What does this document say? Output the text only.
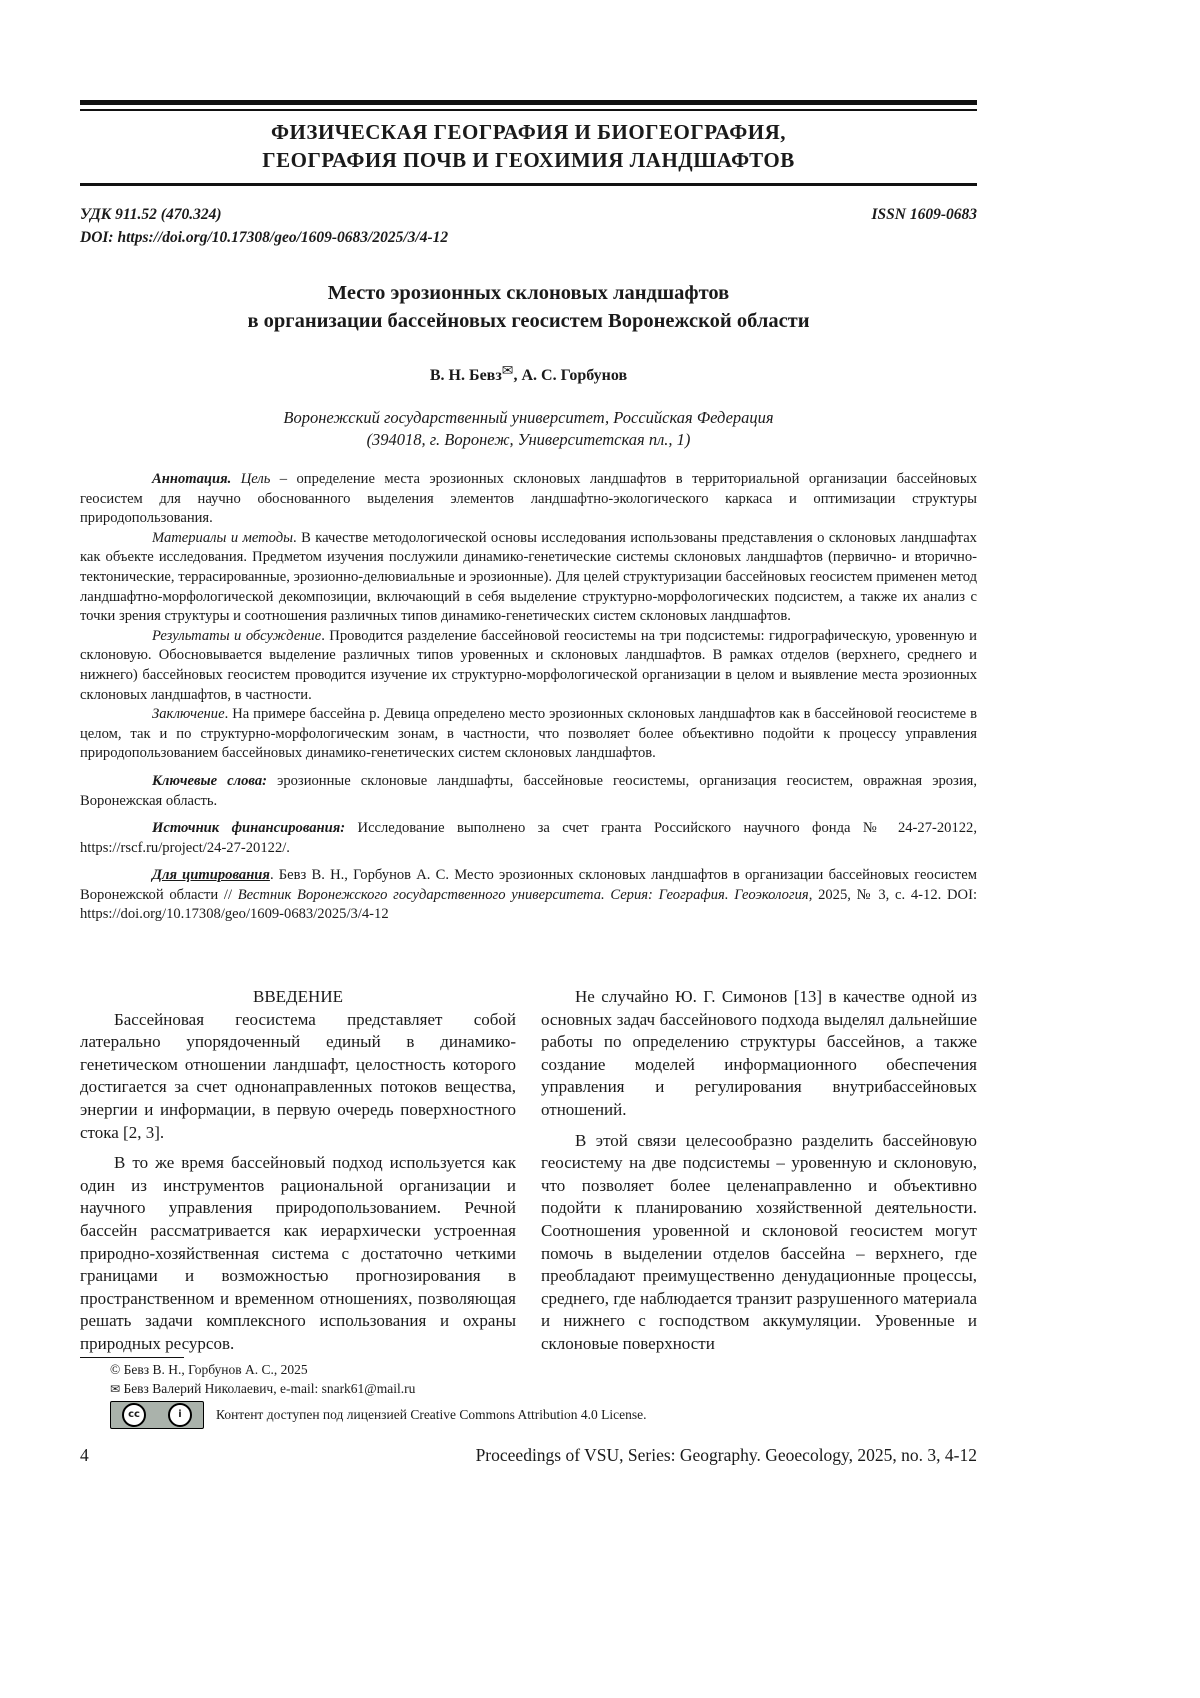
ФИЗИЧЕСКАЯ ГЕОГРАФИЯ И БИОГЕОГРАФИЯ,
ГЕОГРАФИЯ ПОЧВ И ГЕОХИМИЯ ЛАНДШАФТОВ
УДК 911.52 (470.324)
DOI: https://doi.org/10.17308/geo/1609-0683/2025/3/4-12
ISSN 1609-0683
Место эрозионных склоновых ландшафтов
в организации бассейновых геосистем Воронежской области
В. Н. Бевз✉, А. С. Горбунов
Воронежский государственный университет, Российская Федерация
(394018, г. Воронеж, Университетская пл., 1)

Аннотация. Цель – определение места эрозионных склоновых ландшафтов в территориальной организации бассейновых геосистем для научно обоснованного выделения элементов ландшафтно-экологического каркаса и оптимизации структуры природопользования.

Материалы и методы. В качестве методологической основы исследования использованы представления о склоновых ландшафтах как объекте исследования. Предметом изучения послужили динамико-генетические системы склоновых ландшафтов (первично- и вторично-тектонические, террасированные, эрозионно-делювиальные и эрозионные). Для целей структуризации бассейновых геосистем применен метод ландшафтно-морфологической декомпозиции, включающий в себя выделение структурно-морфологических подсистем, а также их анализ с точки зрения структуры и соотношения различных типов динамико-генетических систем склоновых ландшафтов.

Результаты и обсуждение. Проводится разделение бассейновой геосистемы на три подсистемы: гидрографическую, уровенную и склоновую. Обосновывается выделение различных типов уровенных и склоновых ландшафтов. В рамках отделов (верхнего, среднего и нижнего) бассейновых геосистем проводится изучение их структурно-морфологической организации в целом и выявление места эрозионных склоновых ландшафтов, в частности.

Заключение. На примере бассейна р. Девица определено место эрозионных склоновых ландшафтов как в бассейновой геосистеме в целом, так и по структурно-морфологическим зонам, в частности, что позволяет более объективно подойти к процессу управления природопользованием бассейновых динамико-генетических систем склоновых ландшафтов.

Ключевые слова: эрозионные склоновые ландшафты, бассейновые геосистемы, организация геосистем, овражная эрозия, Воронежская область.

Источник финансирования: Исследование выполнено за счет гранта Российского научного фонда № 24-27-20122, https://rscf.ru/project/24-27-20122/.

Для цитирования. Бевз В. Н., Горбунов А. С. Место эрозионных склоновых ландшафтов в организации бассейновых геосистем Воронежской области // Вестник Воронежского государственного университета. Серия: География. Геоэкология, 2025, № 3, с. 4-12. DOI: https://doi.org/10.17308/geo/1609-0683/2025/3/4-12

ВВЕДЕНИЕ

Бассейновая геосистема представляет собой латерально упорядоченный единый в динамико-генетическом отношении ландшафт, целостность которого достигается за счет однонаправленных потоков вещества, энергии и информации, в первую очередь поверхностного стока [2, 3].

В то же время бассейновый подход используется как один из инструментов рациональной организации и научного управления природопользованием. Речной бассейн рассматривается как иерархически устроенная природно-хозяйственная система с достаточно четкими границами и возможностью прогнозирования в пространственном и временном отношениях, позволяющая решать задачи комплексного использования и охраны природных ресурсов.

Не случайно Ю. Г. Симонов [13] в качестве одной из основных задач бассейнового подхода выделял дальнейшие работы по определению структуры бассейнов, а также создание моделей информационного обеспечения управления и регулирования внутрибассейновых отношений.

В этой связи целесообразно разделить бассейновую геосистему на две подсистемы – уровенную и склоновую, что позволяет более целенаправленно и объективно подойти к планированию хозяйственной деятельности. Соотношения уровенной и склоновой геосистем могут помочь в выделении отделов бассейна – верхнего, где преобладают преимущественно денудационные процессы, среднего, где наблюдается транзит разрушенного материала и нижнего с господством аккумуляции. Уровенные и склоновые поверхности

© Бевз В. Н., Горбунов А. С., 2025
✉ Бевз Валерий Николаевич, e-mail: snark61@mail.ru
cc	i	Контент доступен под лицензией Creative Commons Attribution 4.0 License.
4	Proceedings of VSU, Series: Geography. Geoecology, 2025, no. 3, 4-12
